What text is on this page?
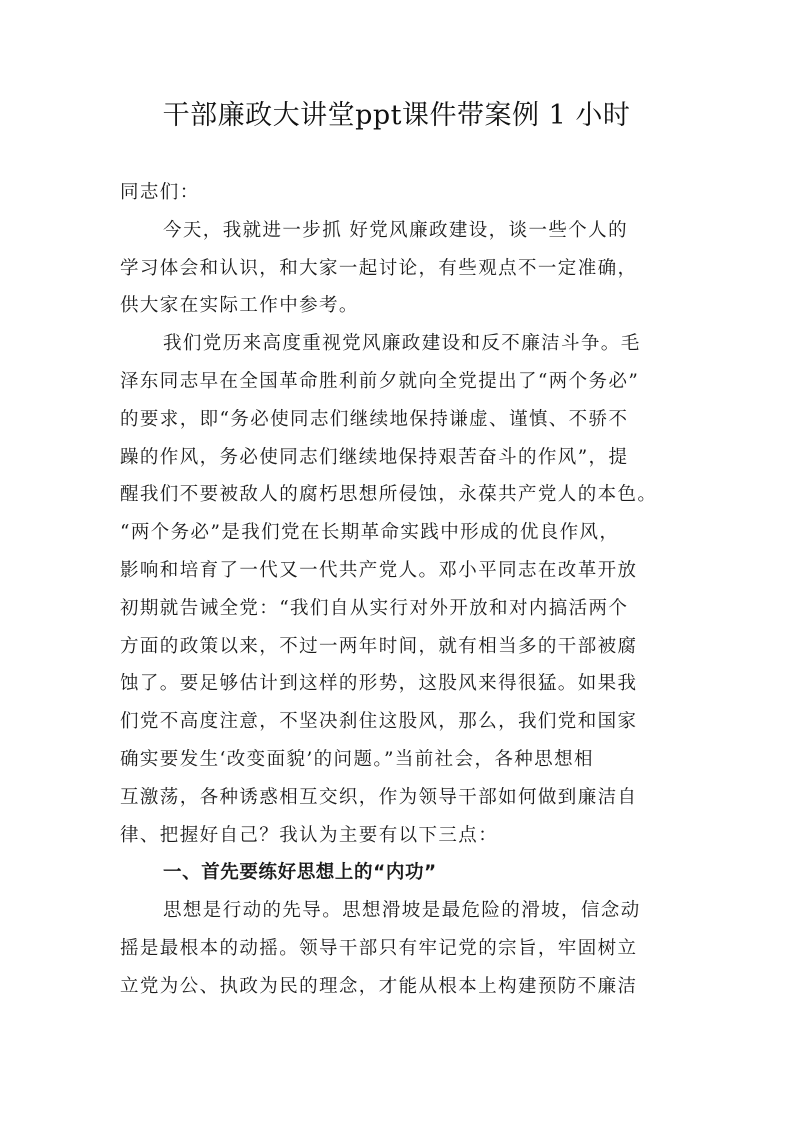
干部廉政大讲堂ppt课件带案例 1 小时
同志们：
今天，我就进一步抓 好党风廉政建设，谈一些个人的
学习体会和认识，和大家一起讨论，有些观点不一定准确，
供大家在实际工作中参考。
我们党历来高度重视党风廉政建设和反不廉洁斗争。毛
泽东同志早在全国革命胜利前夕就向全党提出了“两个务必”
的要求，即“务必使同志们继续地保持谦虚、谨慎、不骄不
躁的作风，务必使同志们继续地保持艰苦奋斗的作风”，提
醒我们不要被敌人的腐朽思想所侵蚀，永葆共产党人的本色。
“两个务必”是我们党在长期革命实践中形成的优良作风，
影响和培育了一代又一代共产党人。邓小平同志在改革开放
初期就告诫全党：“我们自从实行对外开放和对内搞活两个
方面的政策以来，不过一两年时间，就有相当多的干部被腐
蚀了。要足够估计到这样的形势，这股风来得很猛。如果我
们党不高度注意，不坚决刹住这股风，那么，我们党和国家
确实要发生‘改变面貌’的问题。”当前社会，各种思想相
互激荡，各种诱惑相互交织，作为领导干部如何做到廉洁自
律、把握好自己？我认为主要有以下三点：
一、首先要练好思想上的“内功”
思想是行动的先导。思想滑坡是最危险的滑坡，信念动
摇是最根本的动摇。领导干部只有牢记党的宗旨，牢固树立
立党为公、执政为民的理念，才能从根本上构建预防不廉洁
